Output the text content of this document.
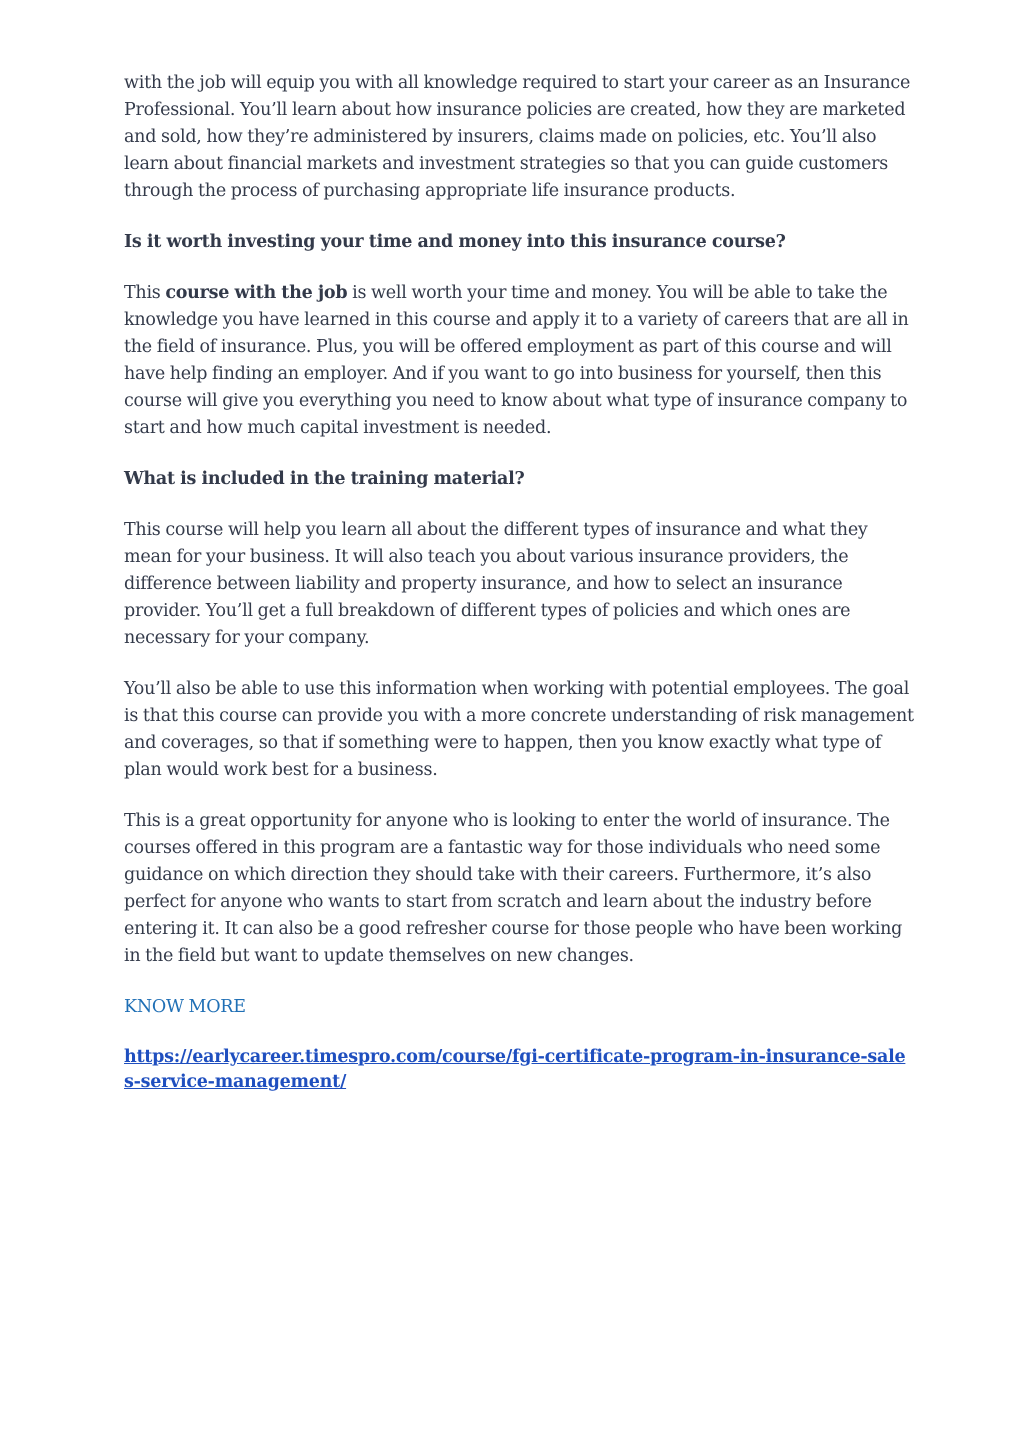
with the job will equip you with all knowledge required to start your career as an Insurance Professional. You’ll learn about how insurance policies are created, how they are marketed and sold, how they’re administered by insurers, claims made on policies, etc. You’ll also learn about financial markets and investment strategies so that you can guide customers through the process of purchasing appropriate life insurance products.

Is it worth investing your time and money into this insurance course?

This course with the job is well worth your time and money. You will be able to take the knowledge you have learned in this course and apply it to a variety of careers that are all in the field of insurance. Plus, you will be offered employment as part of this course and will have help finding an employer. And if you want to go into business for yourself, then this course will give you everything you need to know about what type of insurance company to start and how much capital investment is needed.

What is included in the training material?

This course will help you learn all about the different types of insurance and what they mean for your business. It will also teach you about various insurance providers, the difference between liability and property insurance, and how to select an insurance provider. You’ll get a full breakdown of different types of policies and which ones are necessary for your company.

You’ll also be able to use this information when working with potential employees. The goal is that this course can provide you with a more concrete understanding of risk management and coverages, so that if something were to happen, then you know exactly what type of plan would work best for a business.

This is a great opportunity for anyone who is looking to enter the world of insurance. The courses offered in this program are a fantastic way for those individuals who need some guidance on which direction they should take with their careers. Furthermore, it’s also perfect for anyone who wants to start from scratch and learn about the industry before entering it. It can also be a good refresher course for those people who have been working in the field but want to update themselves on new changes.

KNOW MORE

https://earlycareer.timespro.com/course/fgi-certificate-program-in-insurance-sales-service-management/
